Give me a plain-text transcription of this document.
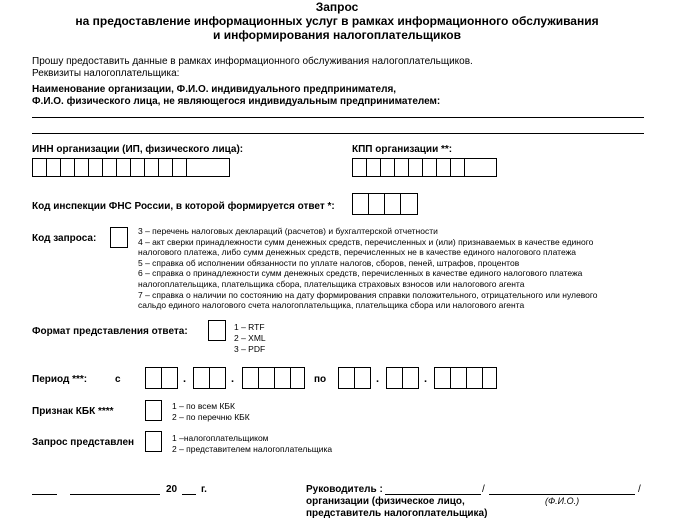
Запрос
на предоставление информационных услуг в рамках информационного обслуживания
и информирования налогоплательщиков
Прошу предоставить данные в рамках информационного обслуживания налогоплательщиков.
Реквизиты налогоплательщика:
Наименование организации, Ф.И.О. индивидуального предпринимателя,
Ф.И.О. физического лица, не являющегося индивидуальным предпринимателем:
ИНН организации (ИП, физического лица):	КПП организации **:
Код инспекции ФНС России, в которой формируется ответ *:
Код запроса:
3 – перечень налоговых деклараций (расчетов) и бухгалтерской отчетности
4 – акт сверки принадлежности сумм денежных средств, перечисленных и (или) признаваемых в качестве единого
налогового платежа, либо сумм денежных средств, перечисленных не в качестве единого налогового платежа
5 – справка об исполнении обязанности по уплате налогов, сборов, пеней, штрафов, процентов
6 – справка о принадлежности сумм денежных средств, перечисленных в качестве единого налогового платежа
налогоплательщика, плательщика сбора, плательщика страховых взносов или налогового агента
7 – справка о наличии по состоянию на дату формирования справки положительного, отрицательного или нулевого
сальдо единого налогового счета налогоплательщика, плательщика сбора или налогового агента
Формат представления ответа:	1 – RTF
2 – XML
3 – PDF
Период ***:	с	.	.	по	.	.
Признак КБК ****	1 – по всем КБК
2 – по перечню КБК
Запрос представлен	1 –налогоплательщиком
2 – представителем налогоплательщика
20 г.	Руководитель :	/	/
(Ф.И.О.)
организации (физическое лицо,
представитель налогоплательщика)
